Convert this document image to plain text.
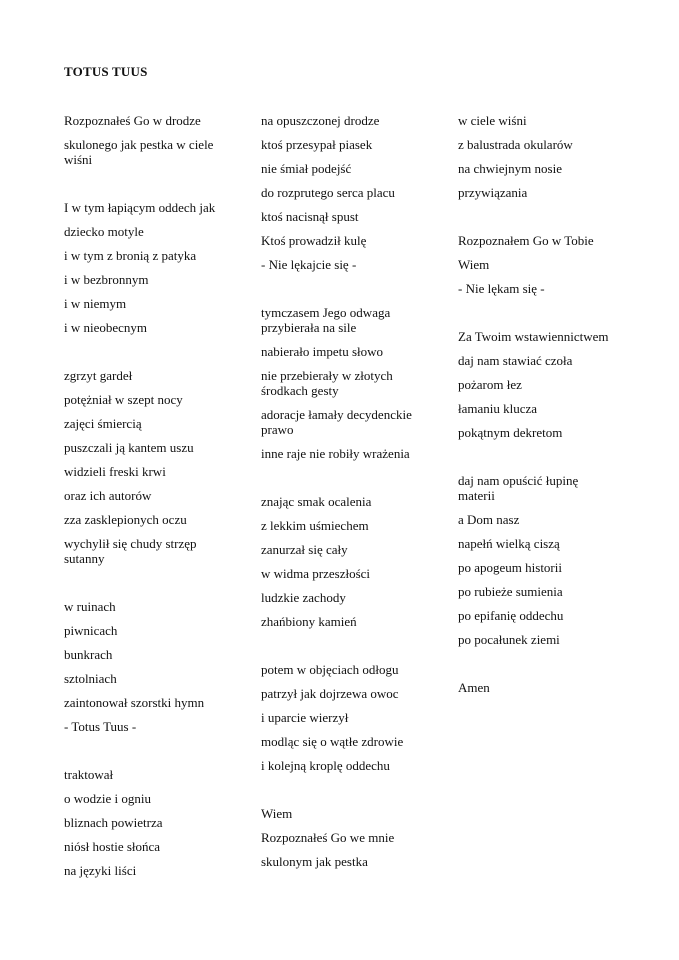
TOTUS TUUS

Rozpoznałeś Go w drodze

skulonego jak pestka w ciele wiśni

I w tym łapiącym oddech jak

dziecko motyle

i w tym z bronią z patyka

i w bezbronnym

i w niemym

i w nieobecnym

zgrzyt gardeł

potężniał w szept nocy

zajęci śmiercią

puszczali ją kantem uszu

widzieli freski krwi

oraz ich autorów

zza zasklepionych oczu

wychylił się chudy strzęp sutanny

w ruinach

piwnicach

bunkrach

sztolniach

zaintonował szorstki hymn

- Totus Tuus -

traktował

o wodzie i ogniu

bliznach powietrza

niósł hostie słońca

na języki liści

na opuszczonej drodze

ktoś przesypał piasek

nie śmiał podejść

do rozprutego serca placu

ktoś nacisnął spust

Ktoś prowadził kulę

- Nie lękajcie się -

tymczasem Jego odwaga przybierała na sile

nabierało impetu słowo

nie przebierały w złotych środkach gesty

adoracje łamały decydenckie prawo

inne raje nie robiły wrażenia

znając smak ocalenia

z lekkim uśmiechem

zanurzał się cały

w widma przeszłości

ludzkie zachody

zhańbiony kamień

potem w objęciach odłogu

patrzył jak dojrzewa owoc

i uparcie wierzył

modląc się o wątłe zdrowie

i kolejną kroplę oddechu

Wiem

Rozpoznałeś Go we mnie

skulonym jak pestka

w ciele wiśni

z balustrada okularów

na chwiejnym nosie

przywiązania

Rozpoznałem Go w Tobie

Wiem

- Nie lękam się -

Za Twoim wstawiennictwem

daj nam stawiać czoła

pożarom łez

łamaniu klucza

pokątnym dekretom

daj nam opuścić łupinę materii

a Dom nasz

napełń wielką ciszą

po apogeum historii

po rubieże sumienia

po epifanię oddechu

po pocałunek ziemi

Amen
